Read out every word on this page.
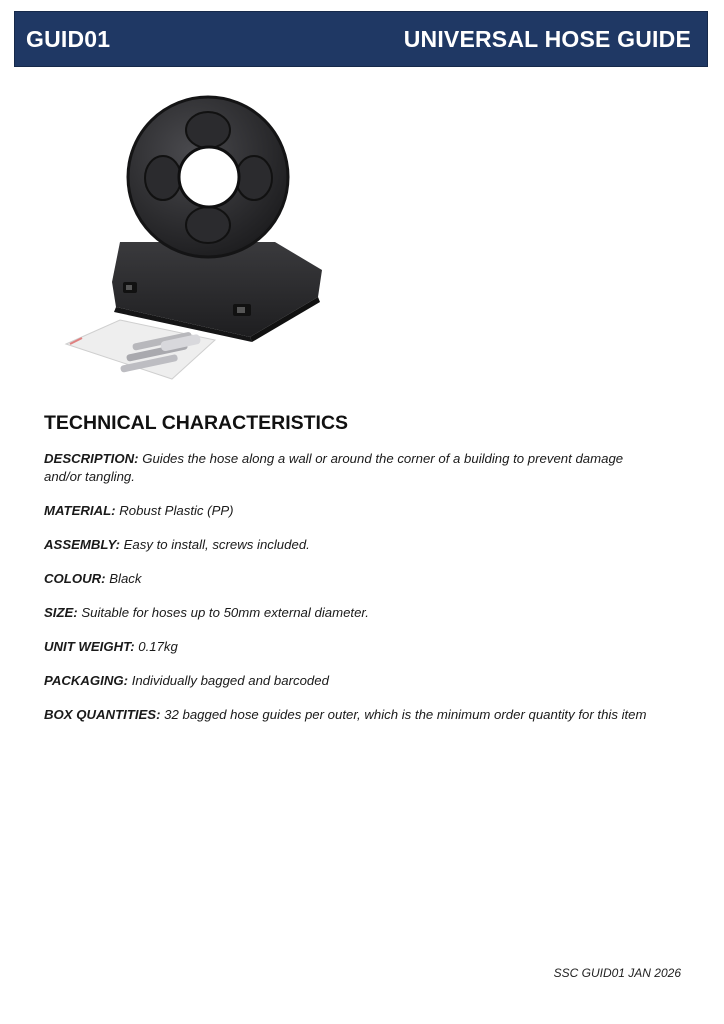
GUID01	UNIVERSAL HOSE GUIDE
TECHNICAL CHARACTERISTICS

DESCRIPTION: Guides the hose along a wall or around the corner of a building to prevent damage
and/or tangling.

MATERIAL: Robust Plastic (PP)

ASSEMBLY: Easy to install, screws included.

COLOUR: Black

SIZE: Suitable for hoses up to 50mm external diameter.

UNIT WEIGHT: 0.17kg

PACKAGING: Individually bagged and barcoded

BOX QUANTITIES: 32 bagged hose guides per outer, which is the minimum order quantity for this item

SSC GUID01 JAN 2026
